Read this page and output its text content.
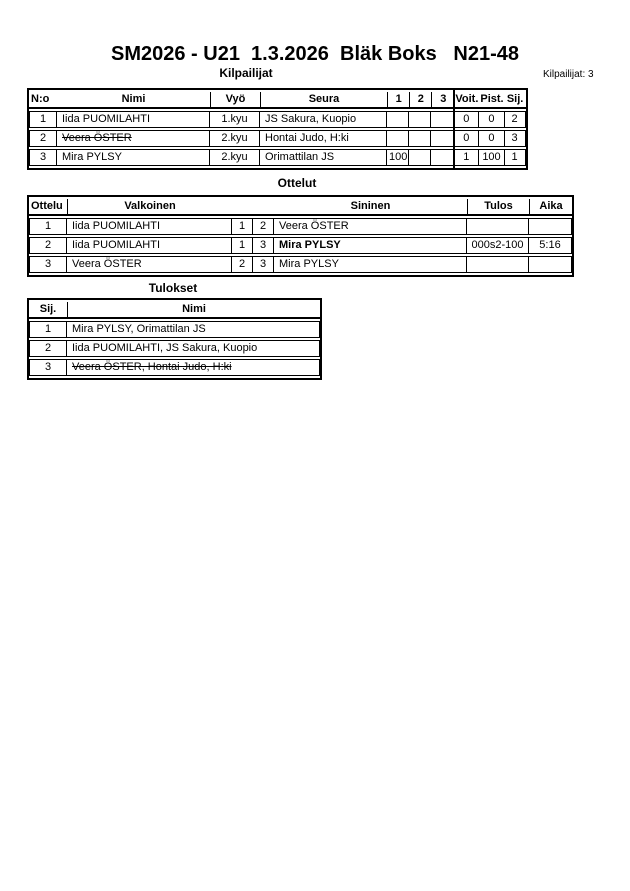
SM2026 - U21  1.3.2026  Bläk Boks   N21-48
Kilpailijat	Kilpailijat: 3
N:o	Nimi	Vyö	Seura	1	2	3	Voit.	Pist.	Sij.
1	Iida PUOMILAHTI	1.kyu	JS Sakura, Kuopio				0	0	2
2	Veera ÖSTER	2.kyu	Hontai Judo, H:ki				0	0	3
3	Mira PYLSY	2.kyu	Orimattilan JS	100			1	100	1
Ottelut
Ottelu	Valkoinen			Sininen	Tulos	Aika
1	Iida PUOMILAHTI	1	2	Veera ÖSTER		
2	Iida PUOMILAHTI	1	3	Mira PYLSY	000s2-100	5:16
3	Veera ÖSTER	2	3	Mira PYLSY		
Tulokset
Sij.	Nimi
1	Mira PYLSY, Orimattilan JS
2	Iida PUOMILAHTI, JS Sakura, Kuopio
3	Veera ÖSTER, Hontai Judo, H:ki
